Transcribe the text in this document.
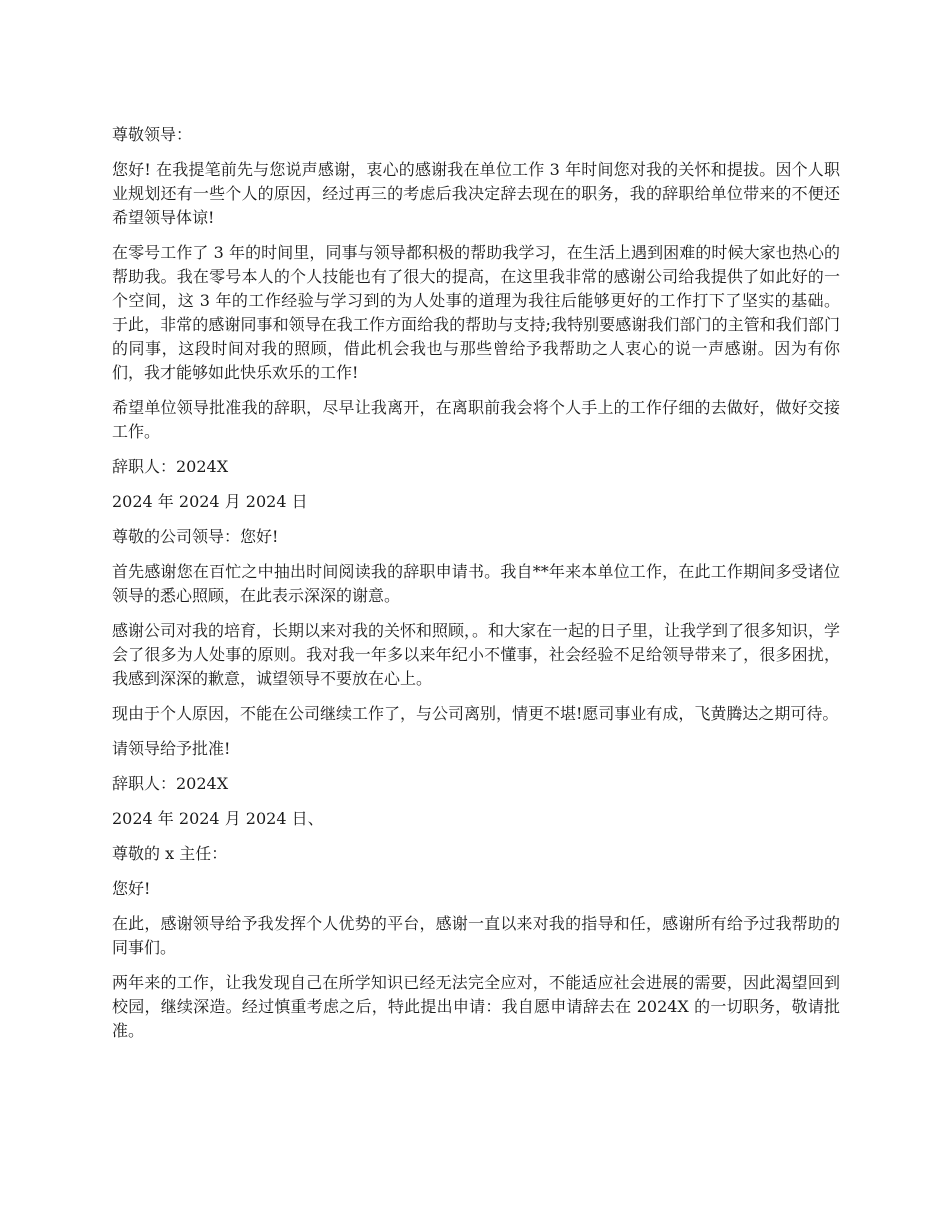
尊敬领导：

您好! 在我提笔前先与您说声感谢，衷心的感谢我在单位工作 3 年时间您对我的关怀和提拔。因个人职业规划还有一些个人的原因，经过再三的考虑后我决定辞去现在的职务，我的辞职给单位带来的不便还希望领导体谅!

在零号工作了 3 年的时间里，同事与领导都积极的帮助我学习，在生活上遇到困难的时候大家也热心的帮助我。我在零号本人的个人技能也有了很大的提高，在这里我非常的感谢公司给我提供了如此好的一个空间，这 3 年的工作经验与学习到的为人处事的道理为我往后能够更好的工作打下了坚实的基础。 于此，非常的感谢同事和领导在我工作方面给我的帮助与支持;我特别要感谢我们部门的主管和我们部门的同事，这段时间对我的照顾，借此机会我也与那些曾给予我帮助之人衷心的说一声感谢。因为有你们，我才能够如此快乐欢乐的工作!

希望单位领导批准我的辞职，尽早让我离开，在离职前我会将个人手上的工作仔细的去做好，做好交接工作。

辞职人：2024X

2024 年 2024 月 2024 日

尊敬的公司领导：您好!

首先感谢您在百忙之中抽出时间阅读我的辞职申请书。我自**年来本单位工作，在此工作期间多受诸位领导的悉心照顾，在此表示深深的谢意。

感谢公司对我的培育，长期以来对我的关怀和照顾，。和大家在一起的日子里，让我学到了很多知识，学会了很多为人处事的原则。我对我一年多以来年纪小不懂事，社会经验不足给领导带来了，很多困扰，我感到深深的歉意，诚望领导不要放在心上。

现由于个人原因，不能在公司继续工作了，与公司离别，情更不堪!愿司事业有成，飞黄腾达之期可待。

请领导给予批准!

辞职人：2024X

2024 年 2024 月 2024 日、

尊敬的 x 主任：

您好!

在此，感谢领导给予我发挥个人优势的平台，感谢一直以来对我的指导和任，感谢所有给予过我帮助的同事们。

两年来的工作，让我发现自己在所学知识已经无法完全应对，不能适应社会进展的需要，因此渴望回到校园，继续深造。经过慎重考虑之后，特此提出申请：我自愿申请辞去在 2024X 的一切职务，敬请批准。
